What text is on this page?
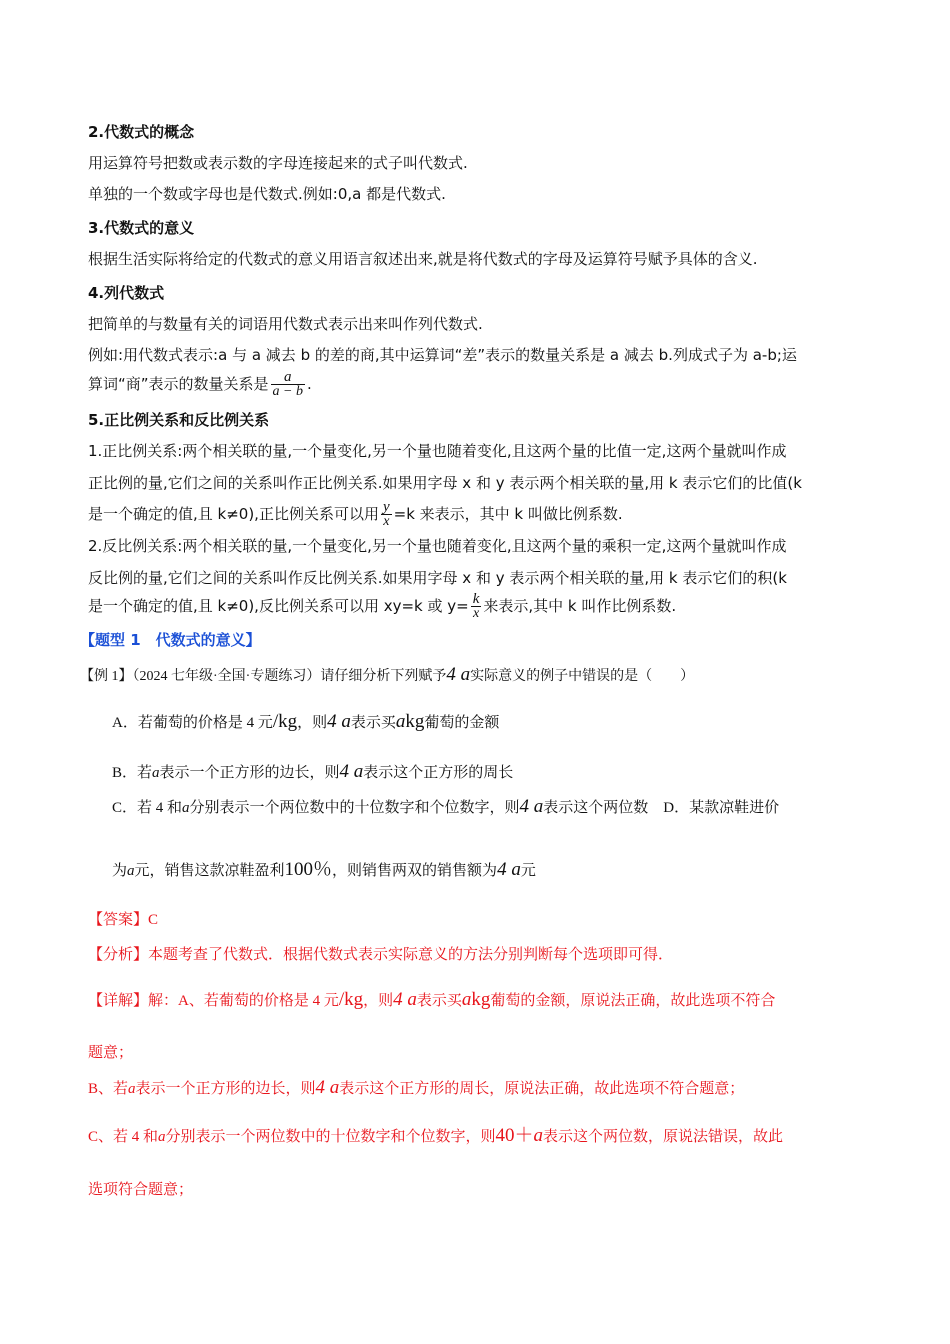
2.代数式的概念
用运算符号把数或表示数的字母连接起来的式子叫代数式.
单独的一个数或字母也是代数式.例如:0,a 都是代数式.
3.代数式的意义
根据生活实际将给定的代数式的意义用语言叙述出来,就是将代数式的字母及运算符号赋予具体的含义.
4.列代数式
把简单的与数量有关的词语用代数式表示出来叫作列代数式.
例如:用代数式表示:a 与 a 减去 b 的差的商,其中运算词“差”表示的数量关系是 a 减去 b.列成式子为 a-b;运
算词“商”表示的数量关系是 $\frac{a}{a - b}$ .
5.正比例关系和反比例关系
1.正比例关系:两个相关联的量,一个量变化,另一个量也随着变化,且这两个量的比值一定,这两个量就叫作成
正比例的量,它们之间的关系叫作正比例关系.如果用字母 x 和 y 表示两个相关联的量,用 k 表示它们的比值(k
是一个确定的值,且 k≠0),正比例关系可以用 $\frac{y}{x} =k$ 来表示，其中 k 叫做比例系数.
2.反比例关系:两个相关联的量,一个量变化,另一个量也随着变化,且这两个量的乘积一定,这两个量就叫作成
反比例的量,它们之间的关系叫作反比例关系.如果用字母 x 和 y 表示两个相关联的量,用 k 表示它们的积(k
是一个确定的值,且 k≠0),反比例关系可以用 xy=k 或 $y= \frac{k}{x}$ 来表示,其中 k 叫作比例系数.
【题型 1　代数式的意义】
【例 1】（2024 七年级·全国·专题练习）请仔细分析下列赋予4 a实际意义的例子中错误的是（　　）
A．若葡萄的价格是 4 元/kg，则4 a表示买akg葡萄的金额
B．若a表示一个正方形的边长，则4 a表示这个正方形的周长
C．若 4 和a分别表示一个两位数中的十位数字和个位数字，则4 a表示这个两位数　D．某款凉鞋进价
为a元，销售这款凉鞋盈利100％，则销售两双的销售额为4 a元
【答案】C
【分析】本题考查了代数式．根据代数式表示实际意义的方法分别判断每个选项即可得．
【详解】解：A、若葡萄的价格是 4 元/kg，则4 a表示买akg葡萄的金额，原说法正确，故此选项不符合
题意；
B、若a表示一个正方形的边长，则4 a表示这个正方形的周长，原说法正确，故此选项不符合题意；
C、若 4 和a分别表示一个两位数中的十位数字和个位数字，则40＋a表示这个两位数，原说法错误，故此
选项符合题意；
